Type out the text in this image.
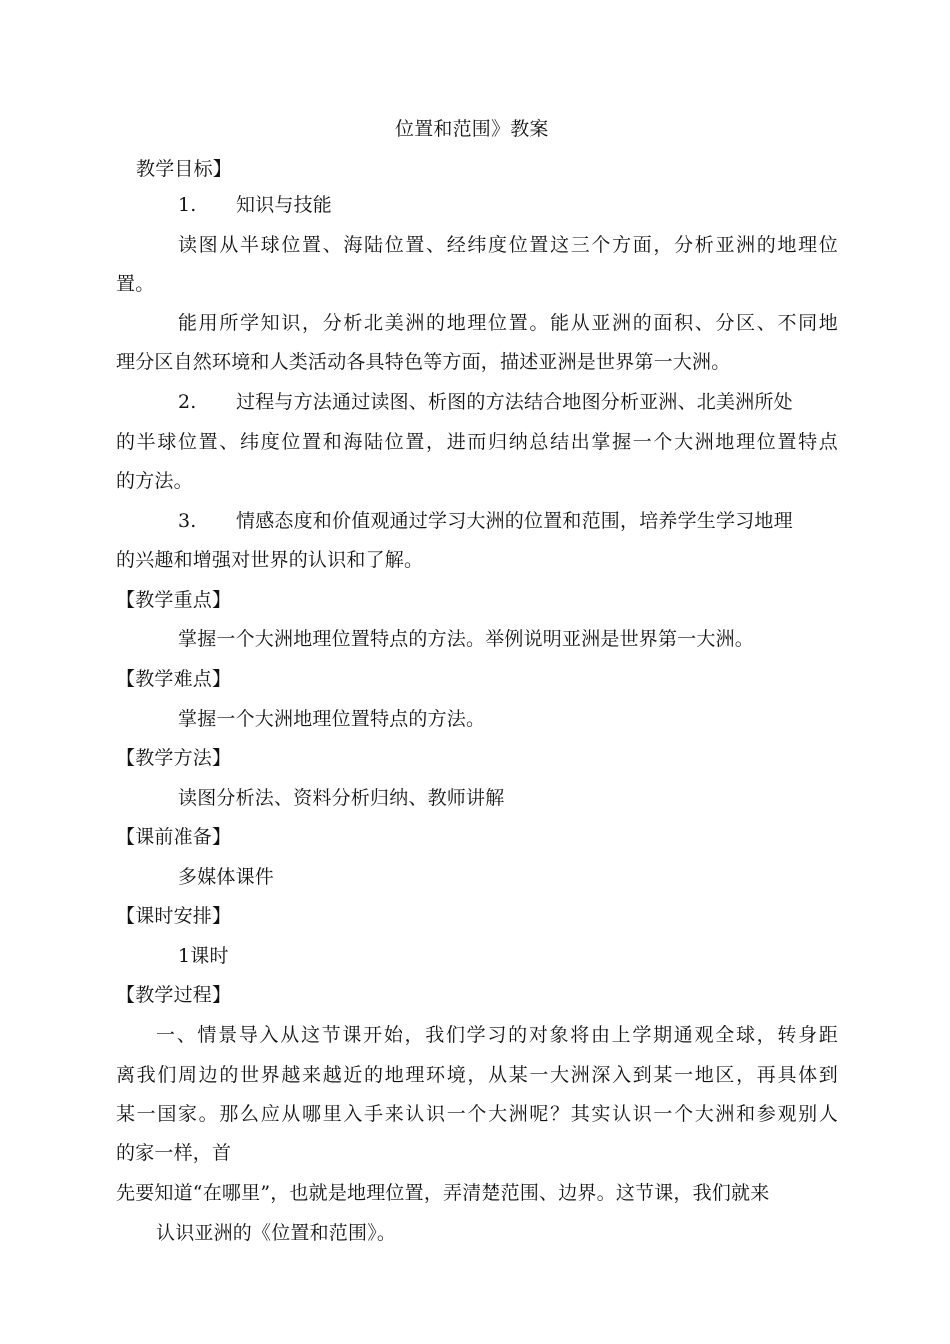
位置和范围》教案
教学目标】
1. 知识与技能
读图从半球位置、海陆位置、经纬度位置这三个方面，分析亚洲的地理位
置。
能用所学知识，分析北美洲的地理位置。能从亚洲的面积、分区、不同地
理分区自然环境和人类活动各具特色等方面，描述亚洲是世界第一大洲。
2. 过程与方法通过读图、析图的方法结合地图分析亚洲、北美洲所处
的半球位置、纬度位置和海陆位置，进而归纳总结出掌握一个大洲地理位置特点
的方法。
3. 情感态度和价值观通过学习大洲的位置和范围，培养学生学习地理
的兴趣和增强对世界的认识和了解。
【教学重点】
掌握一个大洲地理位置特点的方法。举例说明亚洲是世界第一大洲。
【教学难点】
掌握一个大洲地理位置特点的方法。
【教学方法】
读图分析法、资料分析归纳、教师讲解
【课前准备】
多媒体课件
【课时安排】
1课时
【教学过程】
一、情景导入从这节课开始，我们学习的对象将由上学期通观全球，转身距
离我们周边的世界越来越近的地理环境，从某一大洲深入到某一地区，再具体到
某一国家。那么应从哪里入手来认识一个大洲呢？其实认识一个大洲和参观别人
的家一样，首
先要知道“在哪里”，也就是地理位置，弄清楚范围、边界。这节课，我们就来
认识亚洲的《位置和范围》。
